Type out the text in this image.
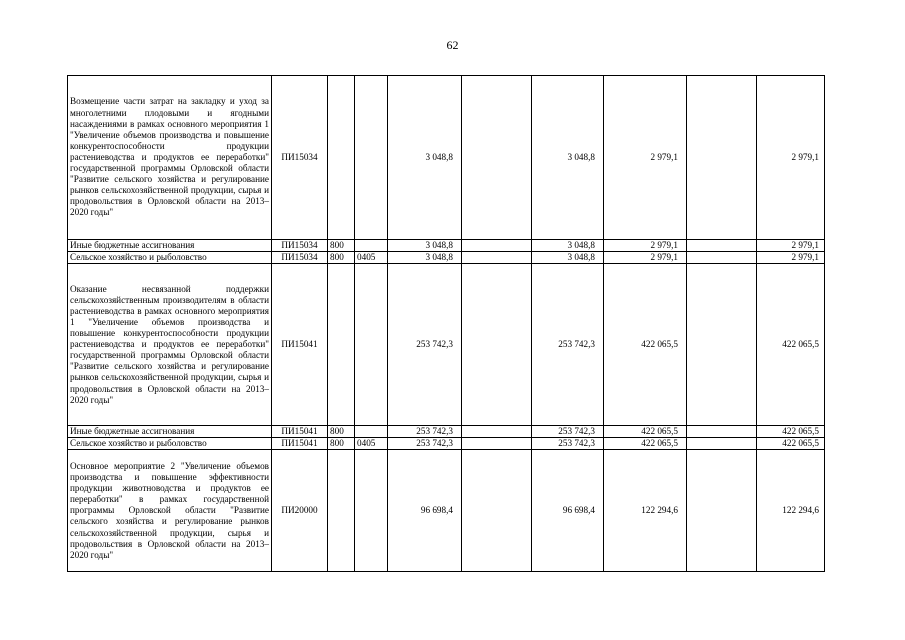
62
Возмещение части затрат на закладку и уход за многолетними плодовыми и ягодными насаждениями в рамках основного мероприятия 1 "Увеличение объемов производства и повышение конкурентоспособности продукции растениеводства и продуктов ее переработки" государственной программы Орловской области "Развитие сельского хозяйства и регулирование рынков сельскохозяйственной продукции, сырья и продовольствия в Орловской области на 2013–2020 годы"	ПИ15034			3 048,8		3 048,8	2 979,1		2 979,1
Иные бюджетные ассигнования	ПИ15034	800		3 048,8		3 048,8	2 979,1		2 979,1
Сельское хозяйство и рыболовство	ПИ15034	800	0405	3 048,8		3 048,8	2 979,1		2 979,1
Оказание несвязанной поддержки сельскохозяйственным производителям в области растениеводства в рамках основного мероприятия 1 "Увеличение объемов производства и повышение конкурентоспособности продукции растениеводства и продуктов ее переработки" государственной программы Орловской области "Развитие сельского хозяйства и регулирование рынков сельскохозяйственной продукции, сырья и продовольствия в Орловской области на 2013–2020 годы"	ПИ15041			253 742,3		253 742,3	422 065,5		422 065,5
Иные бюджетные ассигнования	ПИ15041	800		253 742,3		253 742,3	422 065,5		422 065,5
Сельское хозяйство и рыболовство	ПИ15041	800	0405	253 742,3		253 742,3	422 065,5		422 065,5
Основное мероприятие 2 "Увеличение объемов производства и повышение эффективности продукции животноводства и продуктов ее переработки" в рамках государственной программы Орловской области "Развитие сельского хозяйства и регулирование рынков сельскохозяйственной продукции, сырья и продовольствия в Орловской области на 2013–2020 годы"	ПИ20000			96 698,4		96 698,4	122 294,6		122 294,6
